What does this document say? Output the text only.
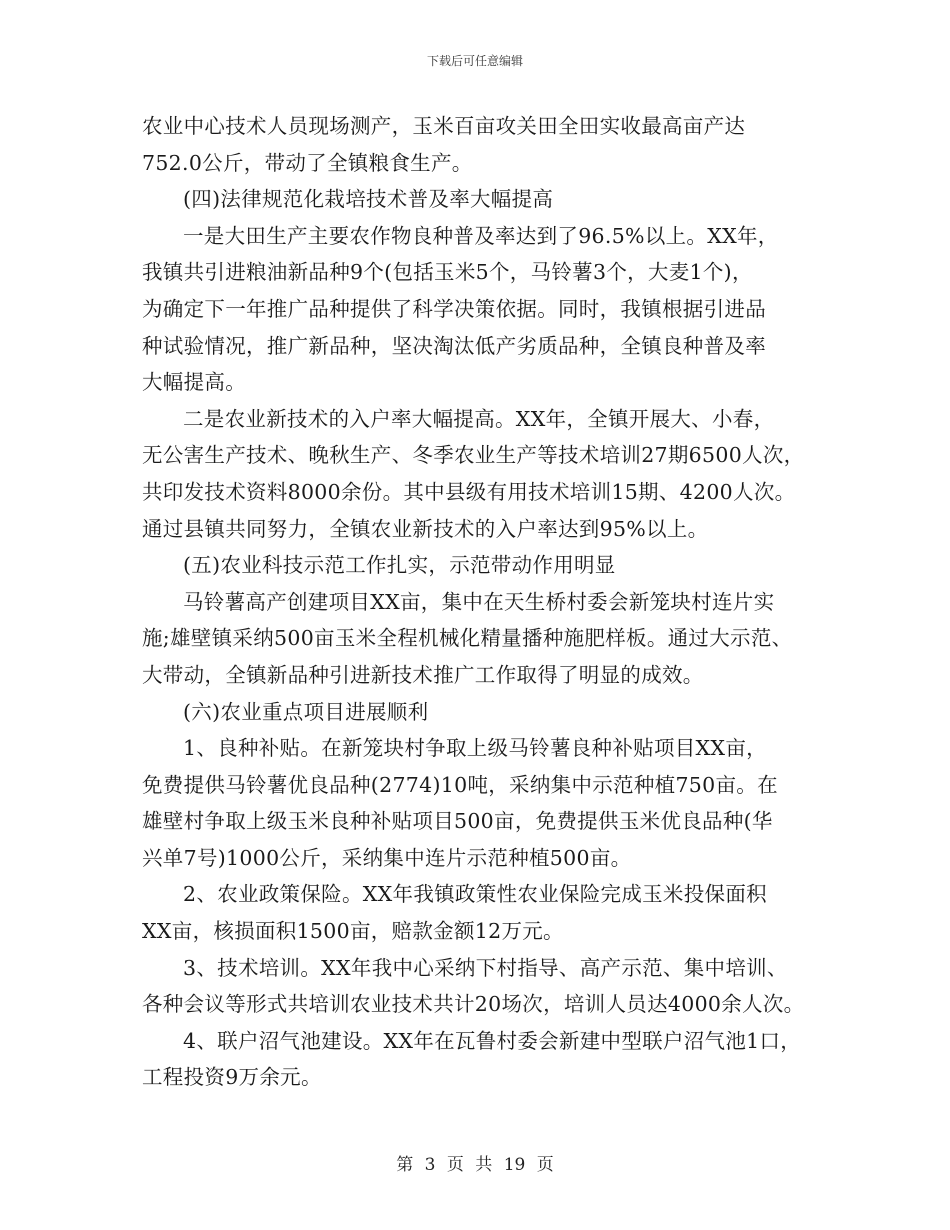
下载后可任意编辑
农业中心技术人员现场测产，玉米百亩攻关田全田实收最高亩产达
752.0公斤，带动了全镇粮食生产。
(四)法律规范化栽培技术普及率大幅提高
一是大田生产主要农作物良种普及率达到了96.5%以上。XX年，
我镇共引进粮油新品种9个(包括玉米5个，马铃薯3个，大麦1个)，
为确定下一年推广品种提供了科学决策依据。同时，我镇根据引进品
种试验情况，推广新品种，坚决淘汰低产劣质品种，全镇良种普及率
大幅提高。
二是农业新技术的入户率大幅提高。XX年，全镇开展大、小春，
无公害生产技术、晚秋生产、冬季农业生产等技术培训27期6500人次，
共印发技术资料8000余份。其中县级有用技术培训15期、4200人次。
通过县镇共同努力，全镇农业新技术的入户率达到95%以上。
(五)农业科技示范工作扎实，示范带动作用明显
马铃薯高产创建项目XX亩，集中在天生桥村委会新笼块村连片实
施;雄壁镇采纳500亩玉米全程机械化精量播种施肥样板。通过大示范、
大带动，全镇新品种引进新技术推广工作取得了明显的成效。
(六)农业重点项目进展顺利
1、良种补贴。在新笼块村争取上级马铃薯良种补贴项目XX亩，
免费提供马铃薯优良品种(2774)10吨，采纳集中示范种植750亩。在
雄壁村争取上级玉米良种补贴项目500亩，免费提供玉米优良品种(华
兴单7号)1000公斤，采纳集中连片示范种植500亩。
2、农业政策保险。XX年我镇政策性农业保险完成玉米投保面积
XX亩，核损面积1500亩，赔款金额12万元。
3、技术培训。XX年我中心采纳下村指导、高产示范、集中培训、
各种会议等形式共培训农业技术共计20场次，培训人员达4000余人次。
4、联户沼气池建设。XX年在瓦鲁村委会新建中型联户沼气池1口，
工程投资9万余元。
第 3 页 共 19 页
